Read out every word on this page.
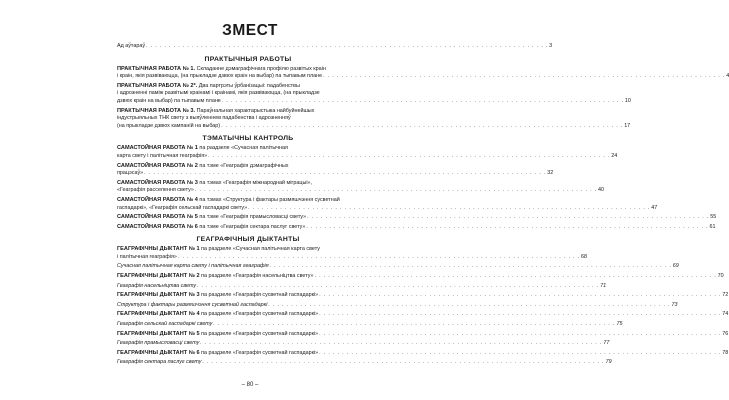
ЗМЕСТ
Ад аўтараў . . .	3
ПРАКТЫЧНЫЯ РАБОТЫ
ПРАКТЫЧНАЯ РАБОТА № 1. Складанне дэмаграфічнага профілю развітых краін
і краін, якія развіваюцца, (на прыкладзе дзвюх краін на выбар) па тыпавым плане . . .	4
ПРАКТЫЧНАЯ РАБОТА № 2*. Два партрэты ўрбанізацыі: падабенствы
і адрозненні паміж развітымі краінамі і краінамі, якія развіваюцца, (на прыкладзе
дзвюх краін на выбар) па тыпавым плане . . .	10
ПРАКТЫЧНАЯ РАБОТА № 3. Параўнальная характарыстыка найбуйнейшых
індустрыяльных ТНК свету з выяўленнем падабенства і адрозненняў
(на прыкладзе дзвюх кампаній на выбар) . . .	17
ТЭМАТЫЧНЫ КАНТРОЛЬ
САМАСТОЙНАЯ РАБОТА № 1 па раздзеле «Сучасная палітычная
карта свету і палітычная геаграфія» . . .	24
САМАСТОЙНАЯ РАБОТА № 2 па тэме «Геаграфія дэмаграфічных
працэсаў» . . .	32
САМАСТОЙНАЯ РАБОТА № 3 па тэмах «Геаграфія міжнароднай міграцыі»,
«Геаграфія расселення свету» . . .	40
САМАСТОЙНАЯ РАБОТА № 4 па тэмах «Структура і фактары размяшчэння сусветнай
гаспадаркі», «Геаграфія сельскай гаспадаркі свету» . . .	47
САМАСТОЙНАЯ РАБОТА № 5 па тэме «Геаграфія прамысловасці свету» . . .	55
САМАСТОЙНАЯ РАБОТА № 6 па тэме «Геаграфія сектара паслуг свету» . . .	61
ГЕАГРАФІЧНЫЯ ДЫКТАНТЫ
ГЕАГРАФІЧНЫ ДЫКТАНТ № 1 па раздзеле «Сучасная палітычная карта свету
і палітычная геаграфія» . . .	68
Сучасная палітычная карта свету і палітычная геаграфія . . .	69
ГЕАГРАФІЧНЫ ДЫКТАНТ № 2 па раздзеле «Геаграфія насельніцтва свету» . . .	70
Геаграфія насельніцтва свету . . .	71
ГЕАГРАФІЧНЫ ДЫКТАНТ № 3 па раздзеле «Геаграфія сусветнай гаспадаркі» . . .	72
Структура і фактары размяшчэння сусветнай гаспадаркі . . .	73
ГЕАГРАФІЧНЫ ДЫКТАНТ № 4 па раздзеле «Геаграфія сусветнай гаспадаркі» . . .	74
Геаграфія сельскай гаспадаркі свету . . .	75
ГЕАГРАФІЧНЫ ДЫКТАНТ № 5 па раздзеле «Геаграфія сусветнай гаспадаркі» . . .	76
Геаграфія прамысловасці свету . . .	77
ГЕАГРАФІЧНЫ ДЫКТАНТ № 6 па раздзеле «Геаграфія сусветнай гаспадаркі» . . .	78
Геаграфія сектара паслуг свету . . .	79
– 80 –
